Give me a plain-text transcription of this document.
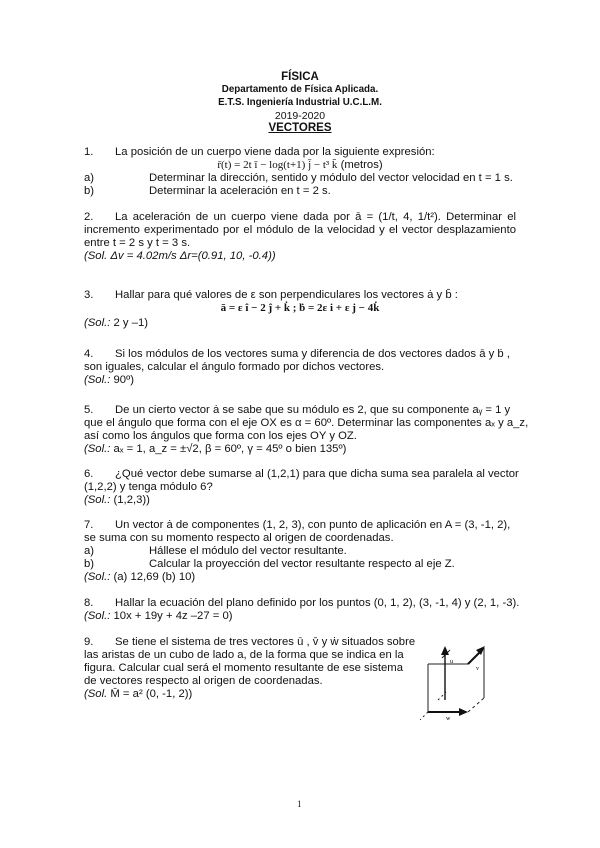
FÍSICA
Departamento de Física Aplicada.
E.T.S. Ingeniería Industrial U.C.L.M.
2019-2020
VECTORES
1. La posición de un cuerpo viene dada por la siguiente expresión:
r̄(t) = 2t ī − log(t+1) j̄ − t³ k̄ (metros)
a)	Determinar la dirección, sentido y módulo del vector velocidad en t = 1 s.
b)	Determinar la aceleración en t = 2 s.
2. La aceleración de un cuerpo viene dada por ā = (1/t, 4, 1/t²). Determinar el
incremento experimentado por el módulo de la velocidad y el vector desplazamiento
entre t = 2 s y t = 3 s.
(Sol. Δv = 4.02m/s Δr=(0.91, 10, -0.4))
3. Hallar para qué valores de ε son perpendiculares los vectores ȧ y b̄ :
ā = ε î − 2 ĵ + k̇ ; ḃ = 2ε i + ε j − 4k̇
(Sol.: 2 y –1)
4. Si los módulos de los vectores suma y diferencia de dos vectores dados ā y ḃ ,
son iguales, calcular el ángulo formado por dichos vectores.
(Sol.: 90º)
5. De un cierto vector ȧ se sabe que su módulo es 2, que su componente aᵧ = 1 y
que el ángulo que forma con el eje OX es α = 60º. Determinar las componentes aₓ y a_z,
así como los ángulos que forma con los ejes OY y OZ.
(Sol.: aₓ = 1, a_z = ±√2, β = 60º, γ = 45º o bien 135º)
6. ¿Qué vector debe sumarse al (1,2,1) para que dicha suma sea paralela al vector
(1,2,2) y tenga módulo 6?
(Sol.: (1,2,3))
7. Un vector ȧ de componentes (1, 2, 3), con punto de aplicación en A = (3, -1, 2),
se suma con su momento respecto al origen de coordenadas.
a)	Hállese el módulo del vector resultante.
b)	Calcular la proyección del vector resultante respecto al eje Z.
(Sol.: (a) 12,69 (b) 10)
8. Hallar la ecuación del plano definido por los puntos (0, 1, 2), (3, -1, 4) y (2, 1, -3).
(Sol.: 10x + 19y + 4z –27 = 0)
9. Se tiene el sistema de tres vectores ū , v̄ y ẇ situados sobre
las aristas de un cubo de lado a, de la forma que se indica en la
figura. Calcular cual será el momento resultante de ese sistema
de vectores respecto al origen de coordenadas.
(Sol. M̄ = a² (0, -1, 2))
u
v
w
1
